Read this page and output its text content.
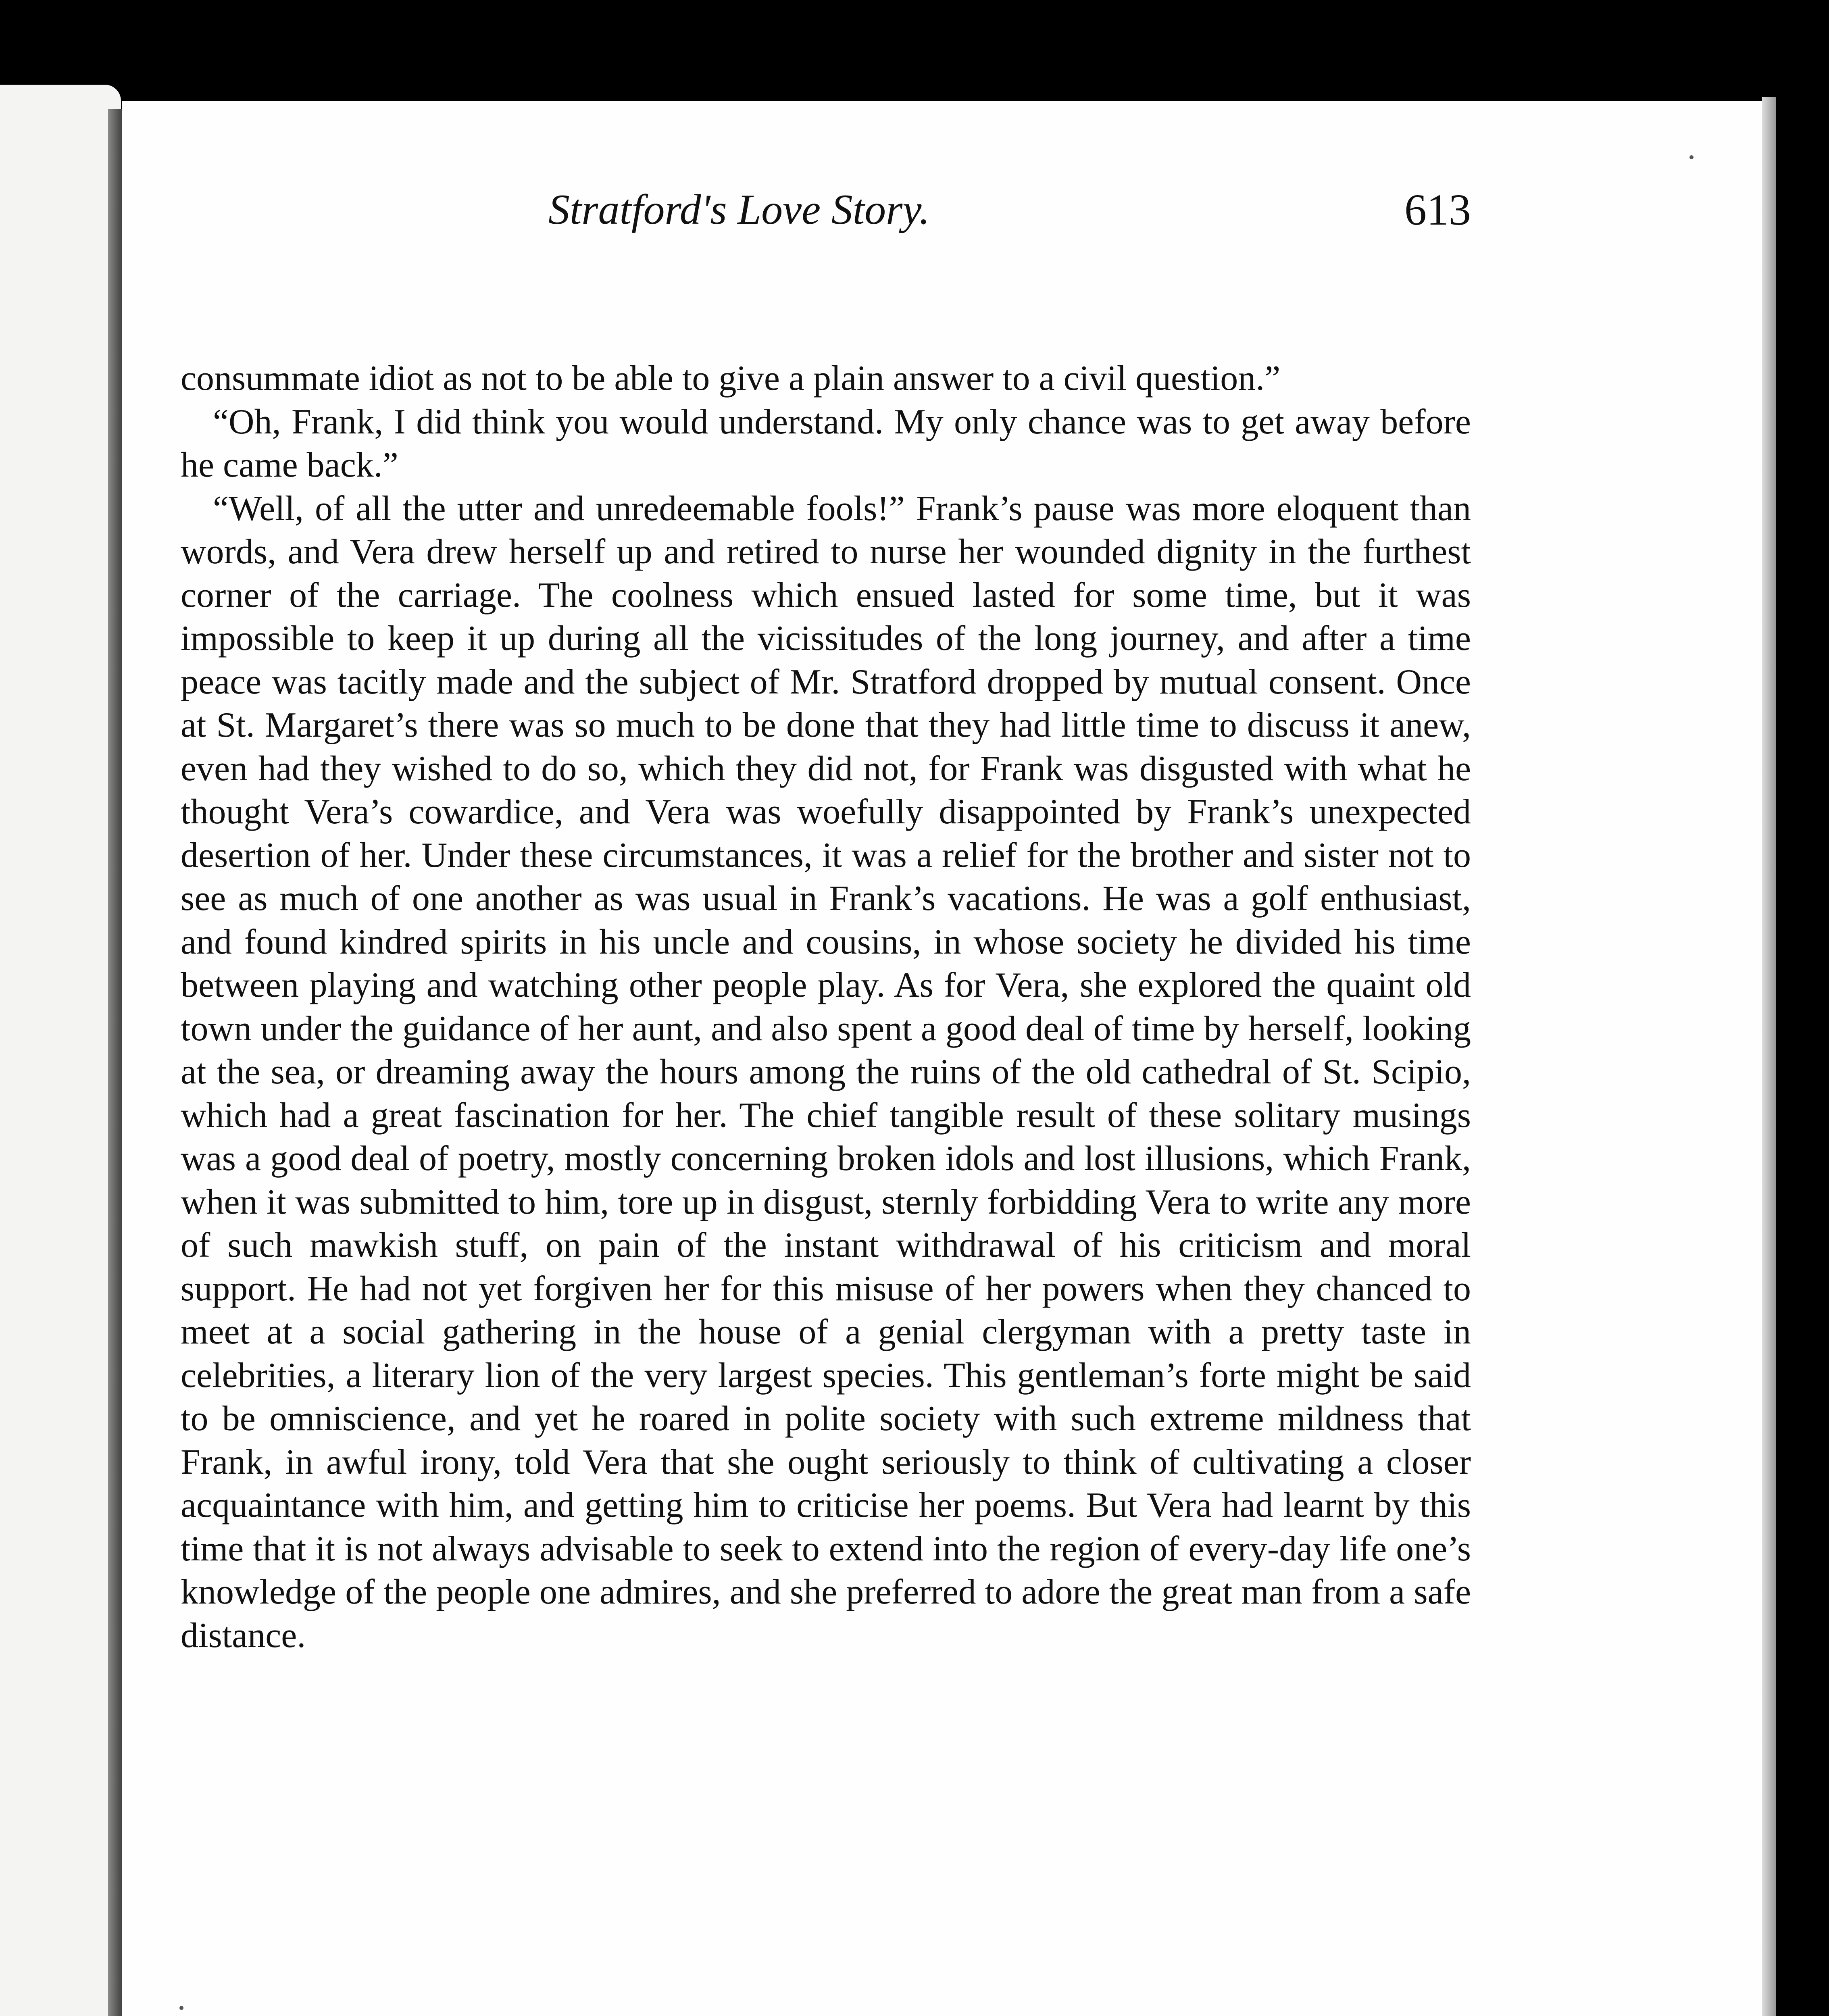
Stratford's Love Story.	613

consummate idiot as not to be able to give a plain answer to a civil question.”

“Oh, Frank, I did think you would understand. My only chance was to get away before he came back.”

“Well, of all the utter and unredeemable fools!” Frank’s pause was more eloquent than words, and Vera drew herself up and retired to nurse her wounded dignity in the furthest corner of the carriage. The coolness which ensued lasted for some time, but it was impossible to keep it up during all the vicissitudes of the long journey, and after a time peace was tacitly made and the subject of Mr. Stratford dropped by mutual consent. Once at St. Margaret’s there was so much to be done that they had little time to discuss it anew, even had they wished to do so, which they did not, for Frank was disgusted with what he thought Vera’s cowardice, and Vera was woefully disappointed by Frank’s unexpected desertion of her. Under these circumstances, it was a relief for the brother and sister not to see as much of one another as was usual in Frank’s vacations. He was a golf enthusiast, and found kindred spirits in his uncle and cousins, in whose society he divided his time between playing and watching other people play. As for Vera, she explored the quaint old town under the guidance of her aunt, and also spent a good deal of time by herself, looking at the sea, or dreaming away the hours among the ruins of the old cathedral of St. Scipio, which had a great fascination for her. The chief tangible result of these solitary musings was a good deal of poetry, mostly concerning broken idols and lost illusions, which Frank, when it was submitted to him, tore up in disgust, sternly forbidding Vera to write any more of such mawkish stuff, on pain of the instant withdrawal of his criticism and moral support. He had not yet forgiven her for this misuse of her powers when they chanced to meet at a social gathering in the house of a genial clergyman with a pretty taste in celebrities, a literary lion of the very largest species. This gentleman’s forte might be said to be omniscience, and yet he roared in polite society with such extreme mildness that Frank, in awful irony, told Vera that she ought seriously to think of cultivating a closer acquaintance with him, and getting him to criticise her poems. But Vera had learnt by this time that it is not always advisable to seek to extend into the region of every-day life one’s knowledge of the people one admires, and she preferred to adore the great man from a safe distance.
